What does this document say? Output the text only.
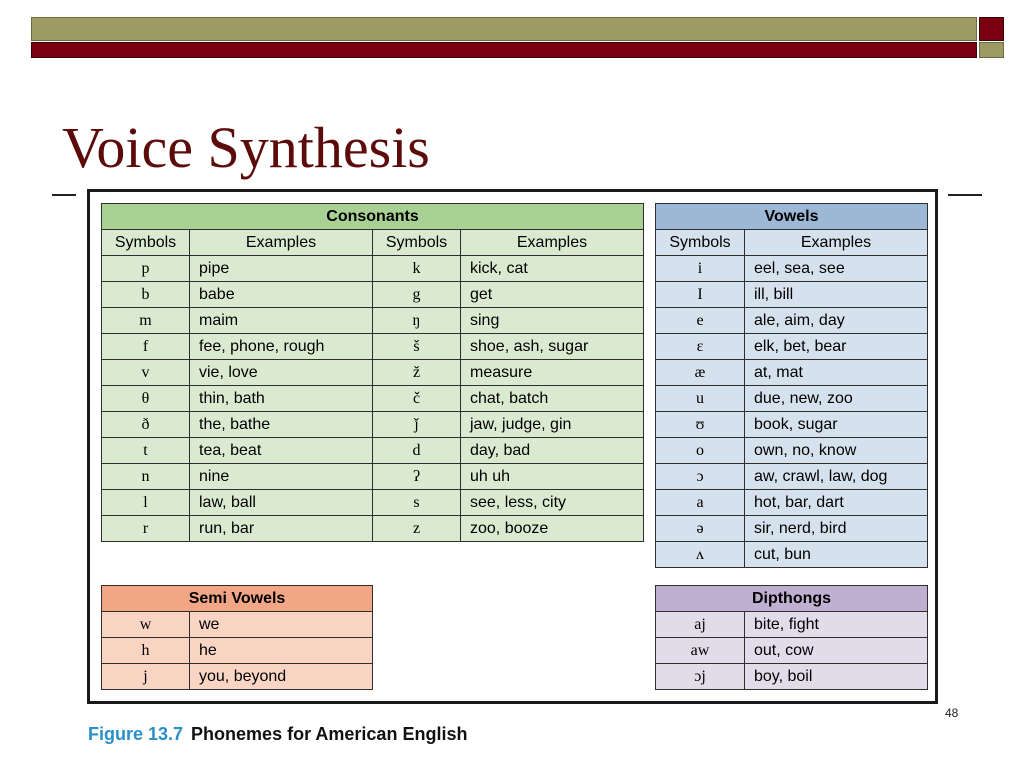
Voice Synthesis
Consonants			
Symbols	Examples	Symbols	Examples
p	pipe	k	kick, cat
b	babe	g	get
m	maim	ŋ	sing
f	fee, phone, rough	š	shoe, ash, sugar
v	vie, love	ž	measure
θ	thin, bath	č	chat, batch
ð	the, bathe	ǰ	jaw, judge, gin
t	tea, beat	d	day, bad
n	nine	ʔ	uh uh
l	law, ball	s	see, less, city
r	run, bar	z	zoo, booze
Vowels	
Symbols	Examples
i	eel, sea, see
I	ill, bill
e	ale, aim, day
ε	elk, bet, bear
æ	at, mat
u	due, new, zoo
ʊ	book, sugar
o	own, no, know
ɔ	aw, crawl, law, dog
a	hot, bar, dart
ə	sir, nerd, bird
ʌ	cut, bun
Semi Vowels	
w	we
h	he
j	you, beyond
Dipthongs	
aj	bite, fight
aw	out, cow
ɔj	boy, boil
Figure 13.7 Phonemes for American English
48
